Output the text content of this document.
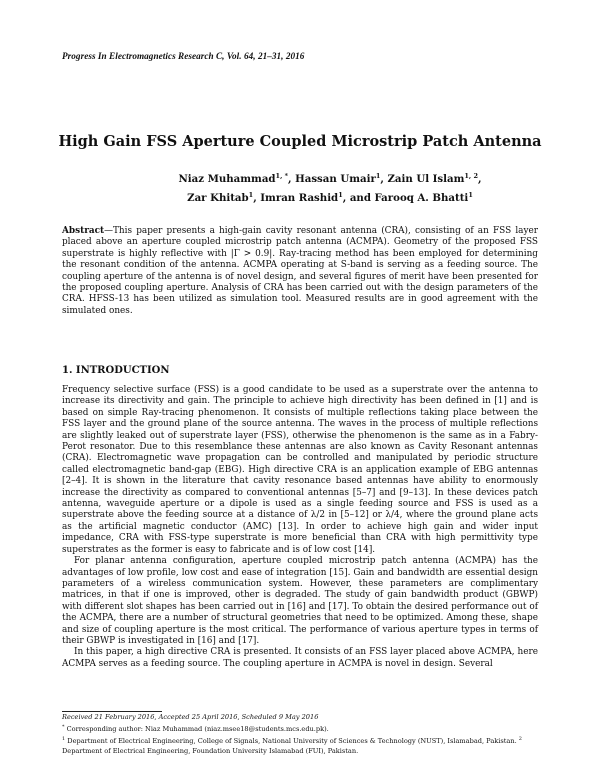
Progress In Electromagnetics Research C, Vol. 64, 21–31, 2016
High Gain FSS Aperture Coupled Microstrip Patch Antenna
Niaz Muhammad$^{1, *}$, Hassan Umair$^1$, Zain Ul Islam$^{1, 2}$,
Zar Khitab$^1$, Imran Rashid$^1$, and Farooq A. Bhatti$^1$
Abstract—This paper presents a high-gain cavity resonant antenna (CRA), consisting of an FSS layer placed above an aperture coupled microstrip patch antenna (ACMPA). Geometry of the proposed FSS superstrate is highly reflective with |Γ > 0.9|. Ray-tracing method has been employed for determining the resonant condition of the antenna. ACMPA operating at S-band is serving as a feeding source. The coupling aperture of the antenna is of novel design, and several figures of merit have been presented for the proposed coupling aperture. Analysis of CRA has been carried out with the design parameters of the CRA. HFSS-13 has been utilized as simulation tool. Measured results are in good agreement with the simulated ones.
1. INTRODUCTION

Frequency selective surface (FSS) is a good candidate to be used as a superstrate over the antenna to increase its directivity and gain. The principle to achieve high directivity has been defined in [1] and is based on simple Ray-tracing phenomenon. It consists of multiple reflections taking place between the FSS layer and the ground plane of the source antenna. The waves in the process of multiple reflections are slightly leaked out of superstrate layer (FSS), otherwise the phenomenon is the same as in a Fabry-Perot resonator. Due to this resemblance these antennas are also known as Cavity Resonant antennas (CRA). Electromagnetic wave propagation can be controlled and manipulated by periodic structure called electromagnetic band-gap (EBG). High directive CRA is an application example of EBG antennas [2–4]. It is shown in the literature that cavity resonance based antennas have ability to enormously increase the directivity as compared to conventional antennas [5–7] and [9–13]. In these devices patch antenna, waveguide aperture or a dipole is used as a single feeding source and FSS is used as a superstrate above the feeding source at a distance of λ/2 in [5–12] or λ/4, where the ground plane acts as the artificial magnetic conductor (AMC) [13]. In order to achieve high gain and wider input impedance, CRA with FSS-type superstrate is more beneficial than CRA with high permittivity type superstrates as the former is easy to fabricate and is of low cost [14].

For planar antenna configuration, aperture coupled microstrip patch antenna (ACMPA) has the advantages of low profile, low cost and ease of integration [15]. Gain and bandwidth are essential design parameters of a wireless communication system. However, these parameters are complimentary matrices, in that if one is improved, other is degraded. The study of gain bandwidth product (GBWP) with different slot shapes has been carried out in [16] and [17]. To obtain the desired performance out of the ACMPA, there are a number of structural geometries that need to be optimized. Among these, shape and size of coupling aperture is the most critical. The performance of various aperture types in terms of their GBWP is investigated in [16] and [17].

In this paper, a high directive CRA is presented. It consists of an FSS layer placed above ACMPA, here ACMPA serves as a feeding source. The coupling aperture in ACMPA is novel in design. Several

Received 21 February 2016, Accepted 25 April 2016, Scheduled 9 May 2016

* Corresponding author: Niaz Muhammad (niaz.msee18@students.mcs.edu.pk).

$^1$ Department of Electrical Engineering, College of Signals, National University of Sciences & Technology (NUST), Islamabad, Pakistan. $^2$ Department of Electrical Engineering, Foundation University Islamabad (FUI), Pakistan.
